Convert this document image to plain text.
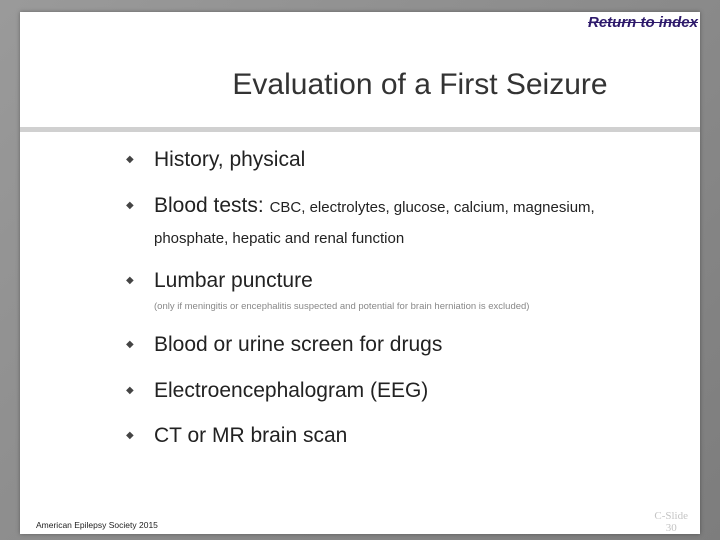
Return to index
Evaluation of a First Seizure
◆ History, physical
◆ Blood tests: CBC, electrolytes, glucose, calcium, magnesium,
phosphate, hepatic and renal function
◆ Lumbar puncture
(only if meningitis or encephalitis suspected and potential for brain herniation is excluded)
◆ Blood or urine screen for drugs
◆ Electroencephalogram (EEG)
◆ CT or MR brain scan
American Epilepsy Society 2015
C-Slide
30
